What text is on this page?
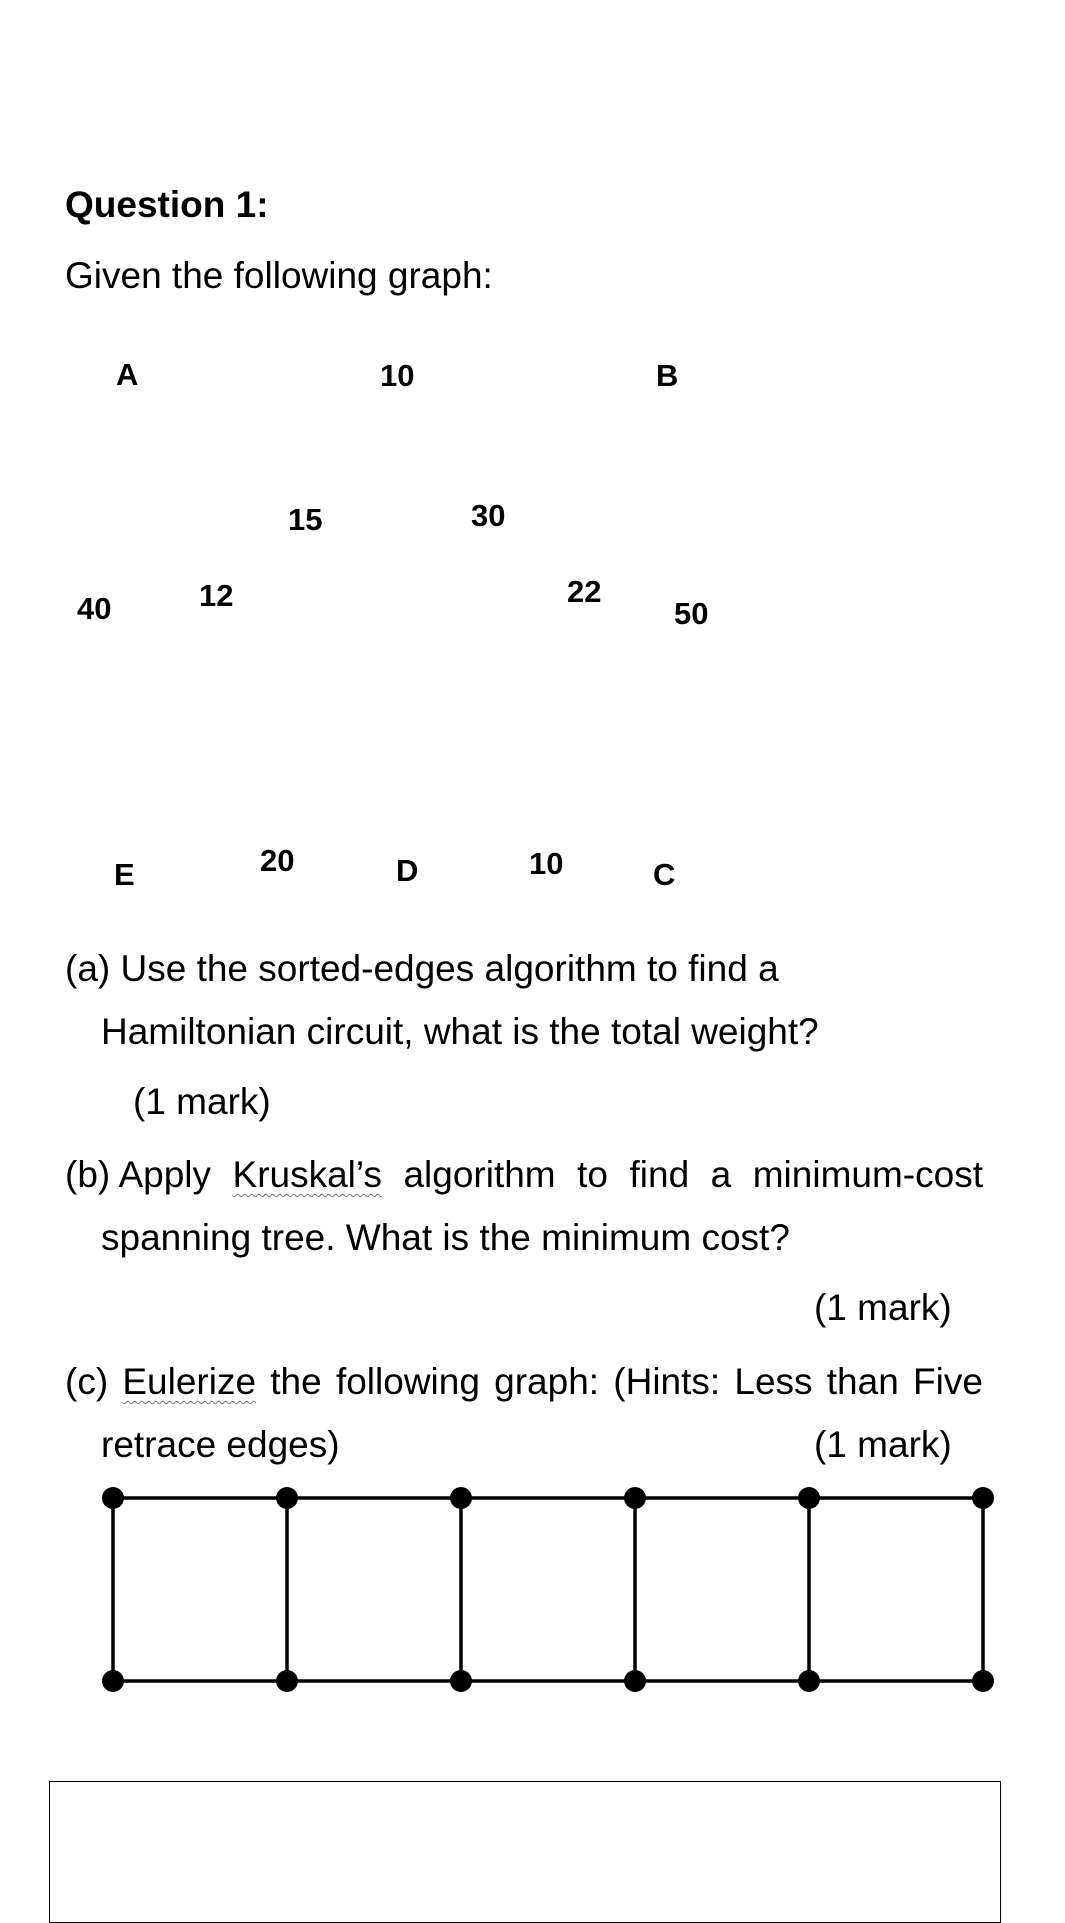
Question 1:
Given the following graph:
A	10	B
15	30
40	12	22
50
E	20	D	10	C
(a) Use the sorted-edges algorithm to find a
Hamiltonian circuit, what is the total weight?
(1 mark)
(b) Apply Kruskal’s algorithm to find a minimum-cost
spanning tree. What is the minimum cost?
(1 mark)
(c) Eulerize the following graph: (Hints: Less than Five
retrace edges)	(1 mark)
